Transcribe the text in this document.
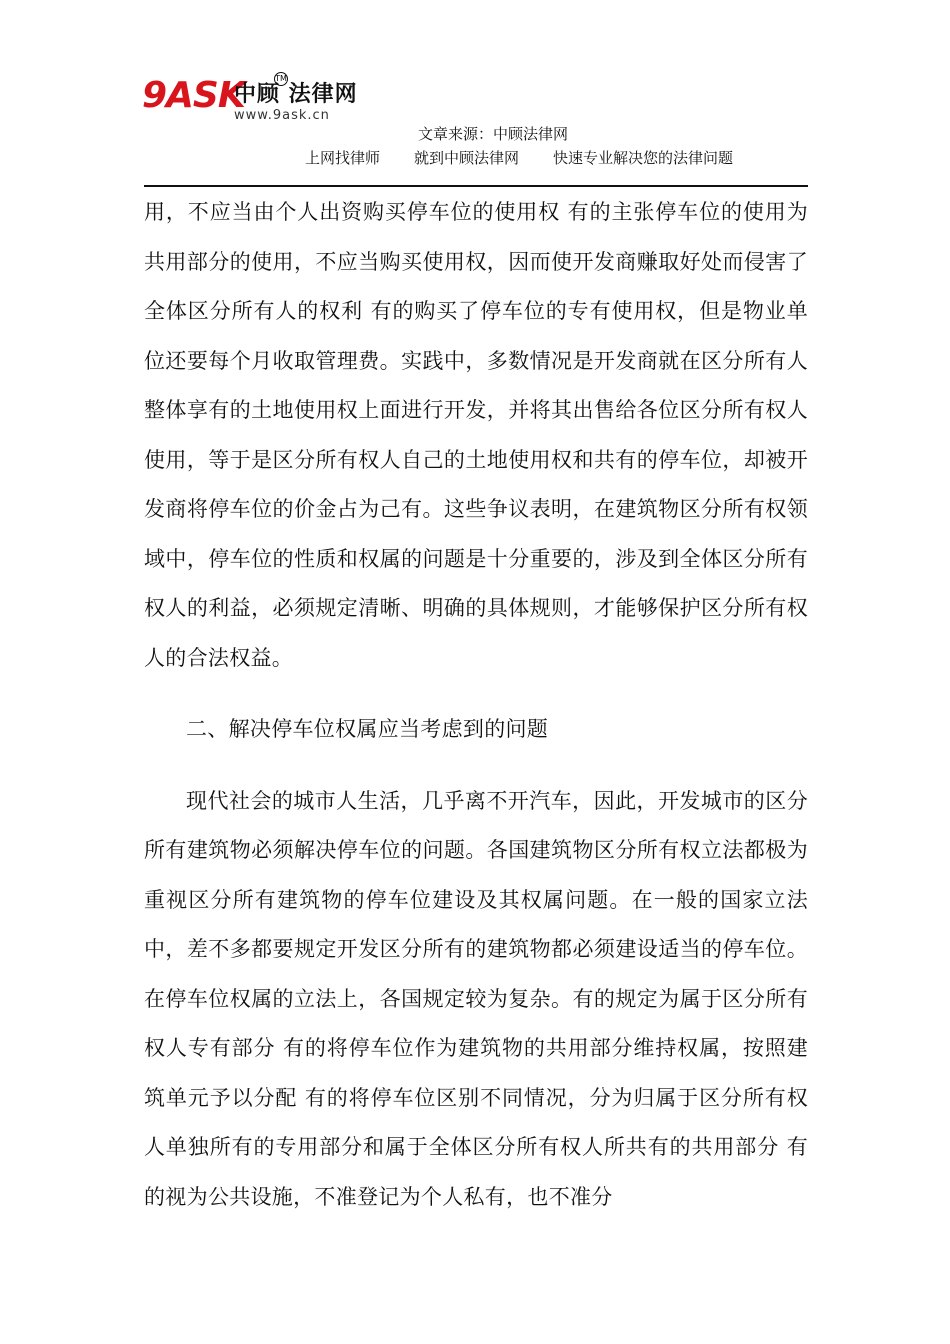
9ASK
中顾 法律网
TM
www.9ask.cn
文章来源：中顾法律网
上网找律师 就到中顾法律网 快速专业解决您的法律问题

用，不应当由个人出资购买停车位的使用权 有的主张停车位的使用为共用部分的使用，不应当购买使用权，因而使开发商赚取好处而侵害了全体区分所有人的权利 有的购买了停车位的专有使用权，但是物业单位还要每个月收取管理费。实践中，多数情况是开发商就在区分所有人整体享有的土地使用权上面进行开发，并将其出售给各位区分所有权人使用，等于是区分所有权人自己的土地使用权和共有的停车位，却被开发商将停车位的价金占为己有。这些争议表明，在建筑物区分所有权领域中，停车位的性质和权属的问题是十分重要的，涉及到全体区分所有权人的利益，必须规定清晰、明确的具体规则，才能够保护区分所有权人的合法权益。

二、解决停车位权属应当考虑到的问题

现代社会的城市人生活，几乎离不开汽车，因此，开发城市的区分所有建筑物必须解决停车位的问题。各国建筑物区分所有权立法都极为重视区分所有建筑物的停车位建设及其权属问题。在一般的国家立法中，差不多都要规定开发区分所有的建筑物都必须建设适当的停车位。在停车位权属的立法上，各国规定较为复杂。有的规定为属于区分所有权人专有部分 有的将停车位作为建筑物的共用部分维持权属，按照建筑单元予以分配 有的将停车位区别不同情况，分为归属于区分所有权人单独所有的专用部分和属于全体区分所有权人所共有的共用部分 有的视为公共设施，不准登记为个人私有，也不准分
